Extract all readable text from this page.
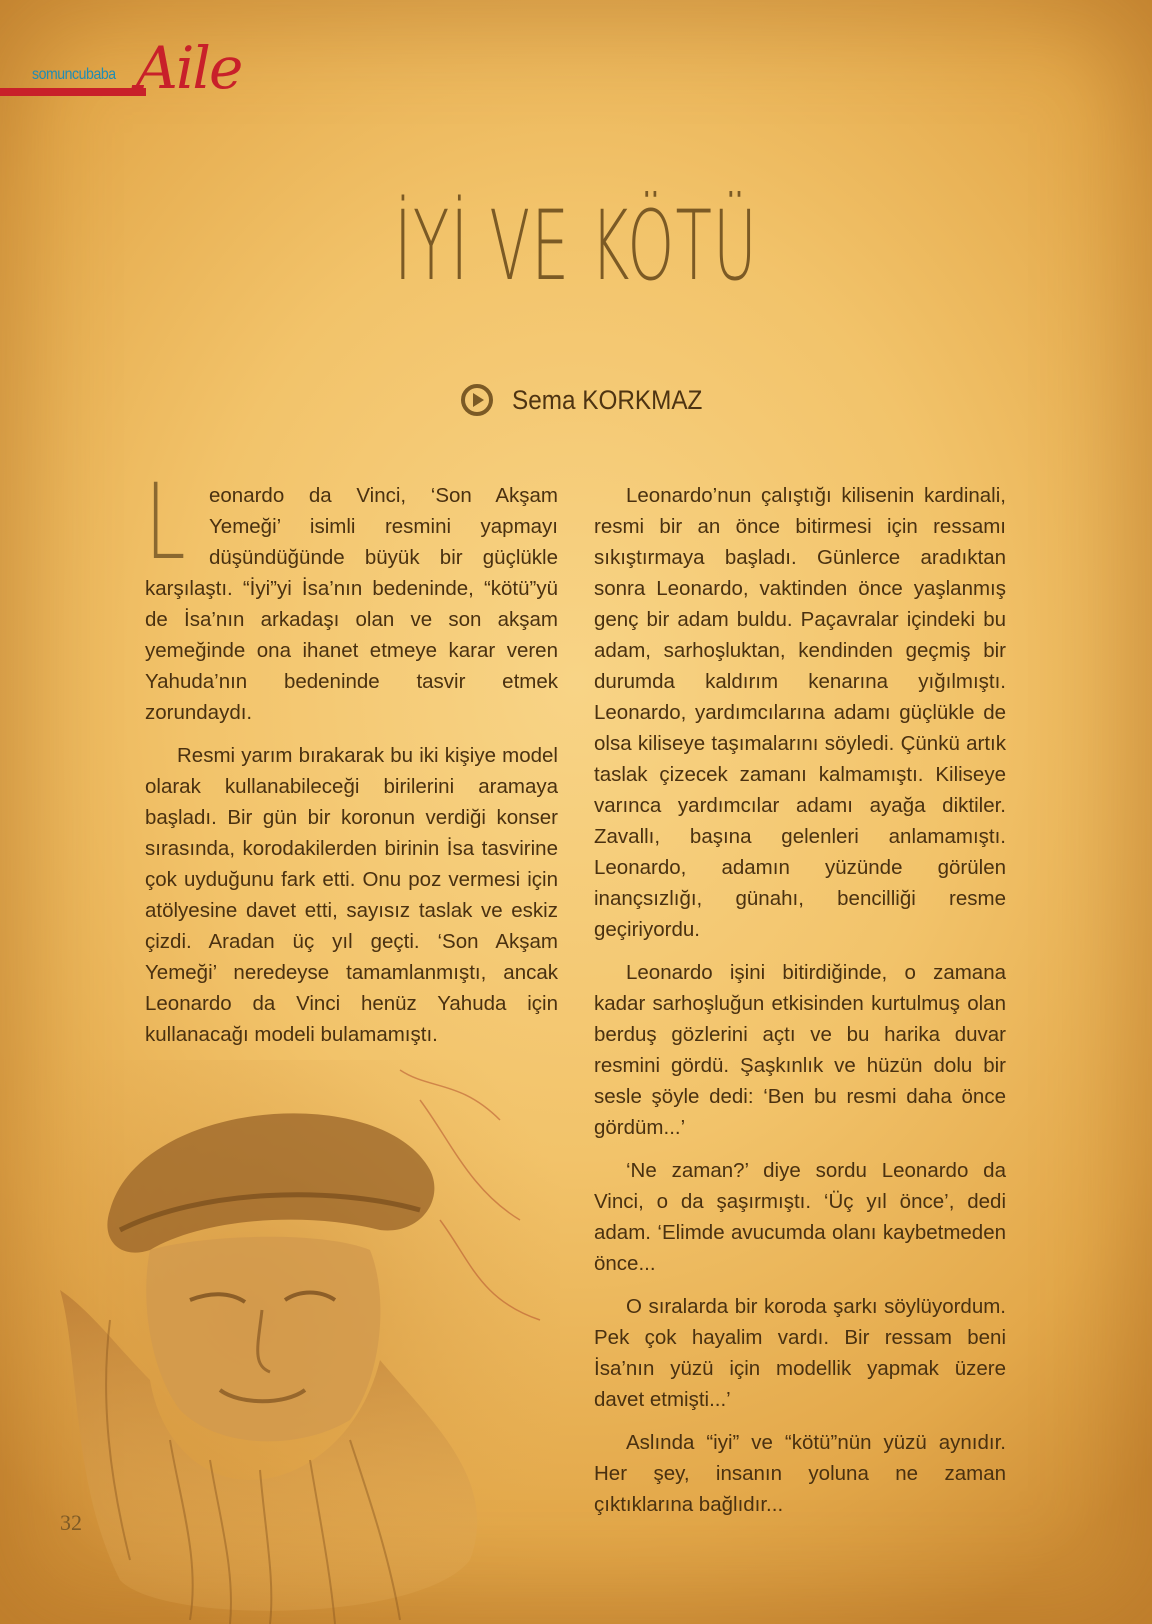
somuncubaba Aile
İYİ VE KÖTÜ
Sema KORKMAZ

L eonardo da Vinci, ‘Son Akşam Yemeği’ isimli resmini yapmayı düşündüğünde büyük bir güçlükle karşılaştı. “İyi”yi İsa’nın bedeninde, “kötü”yü de İsa’nın arkadaşı olan ve son akşam yemeğinde ona ihanet etmeye karar veren Yahuda’nın bedeninde tasvir etmek zorundaydı.

Resmi yarım bırakarak bu iki kişiye model olarak kullanabileceği birilerini aramaya başladı. Bir gün bir koronun verdiği konser sırasında, korodakilerden birinin İsa tasvirine çok uyduğunu fark etti. Onu poz vermesi için atölyesine davet etti, sayısız taslak ve eskiz çizdi. Aradan üç yıl geçti. ‘Son Akşam Yemeği’ neredeyse tamamlanmıştı, ancak Leonardo da Vinci henüz Yahuda için kullanacağı modeli bulamamıştı.

Leonardo’nun çalıştığı kilisenin kardinali, resmi bir an önce bitirmesi için ressamı sıkıştırmaya başladı. Günlerce aradıktan sonra Leonardo, vaktinden önce yaşlanmış genç bir adam buldu. Paçavralar içindeki bu adam, sarhoşluktan, kendinden geçmiş bir durumda kaldırım kenarına yığılmıştı. Leonardo, yardımcılarına adamı güçlükle de olsa kiliseye taşımalarını söyledi. Çünkü artık taslak çizecek zamanı kalmamıştı. Kiliseye varınca yardımcılar adamı ayağa diktiler. Zavallı, başına gelenleri anlamamıştı. Leonardo, adamın yüzünde görülen inançsızlığı, günahı, bencilliği resme geçiriyordu.

Leonardo işini bitirdiğinde, o zamana kadar sarhoşluğun etkisinden kurtulmuş olan berduş gözlerini açtı ve bu harika duvar resmini gördü. Şaşkınlık ve hüzün dolu bir sesle şöyle dedi: ‘Ben bu resmi daha önce gördüm...’

‘Ne zaman?’ diye sordu Leonardo da Vinci, o da şaşırmıştı. ‘Üç yıl önce’, dedi adam. ‘Elimde avucumda olanı kaybetmeden önce...

O sıralarda bir koroda şarkı söylüyordum. Pek çok hayalim vardı. Bir ressam beni İsa’nın yüzü için modellik yapmak üzere davet etmişti...’

Aslında “iyi” ve “kötü”nün yüzü aynıdır. Her şey, insanın yoluna ne zaman çıktıklarına bağlıdır...

32
